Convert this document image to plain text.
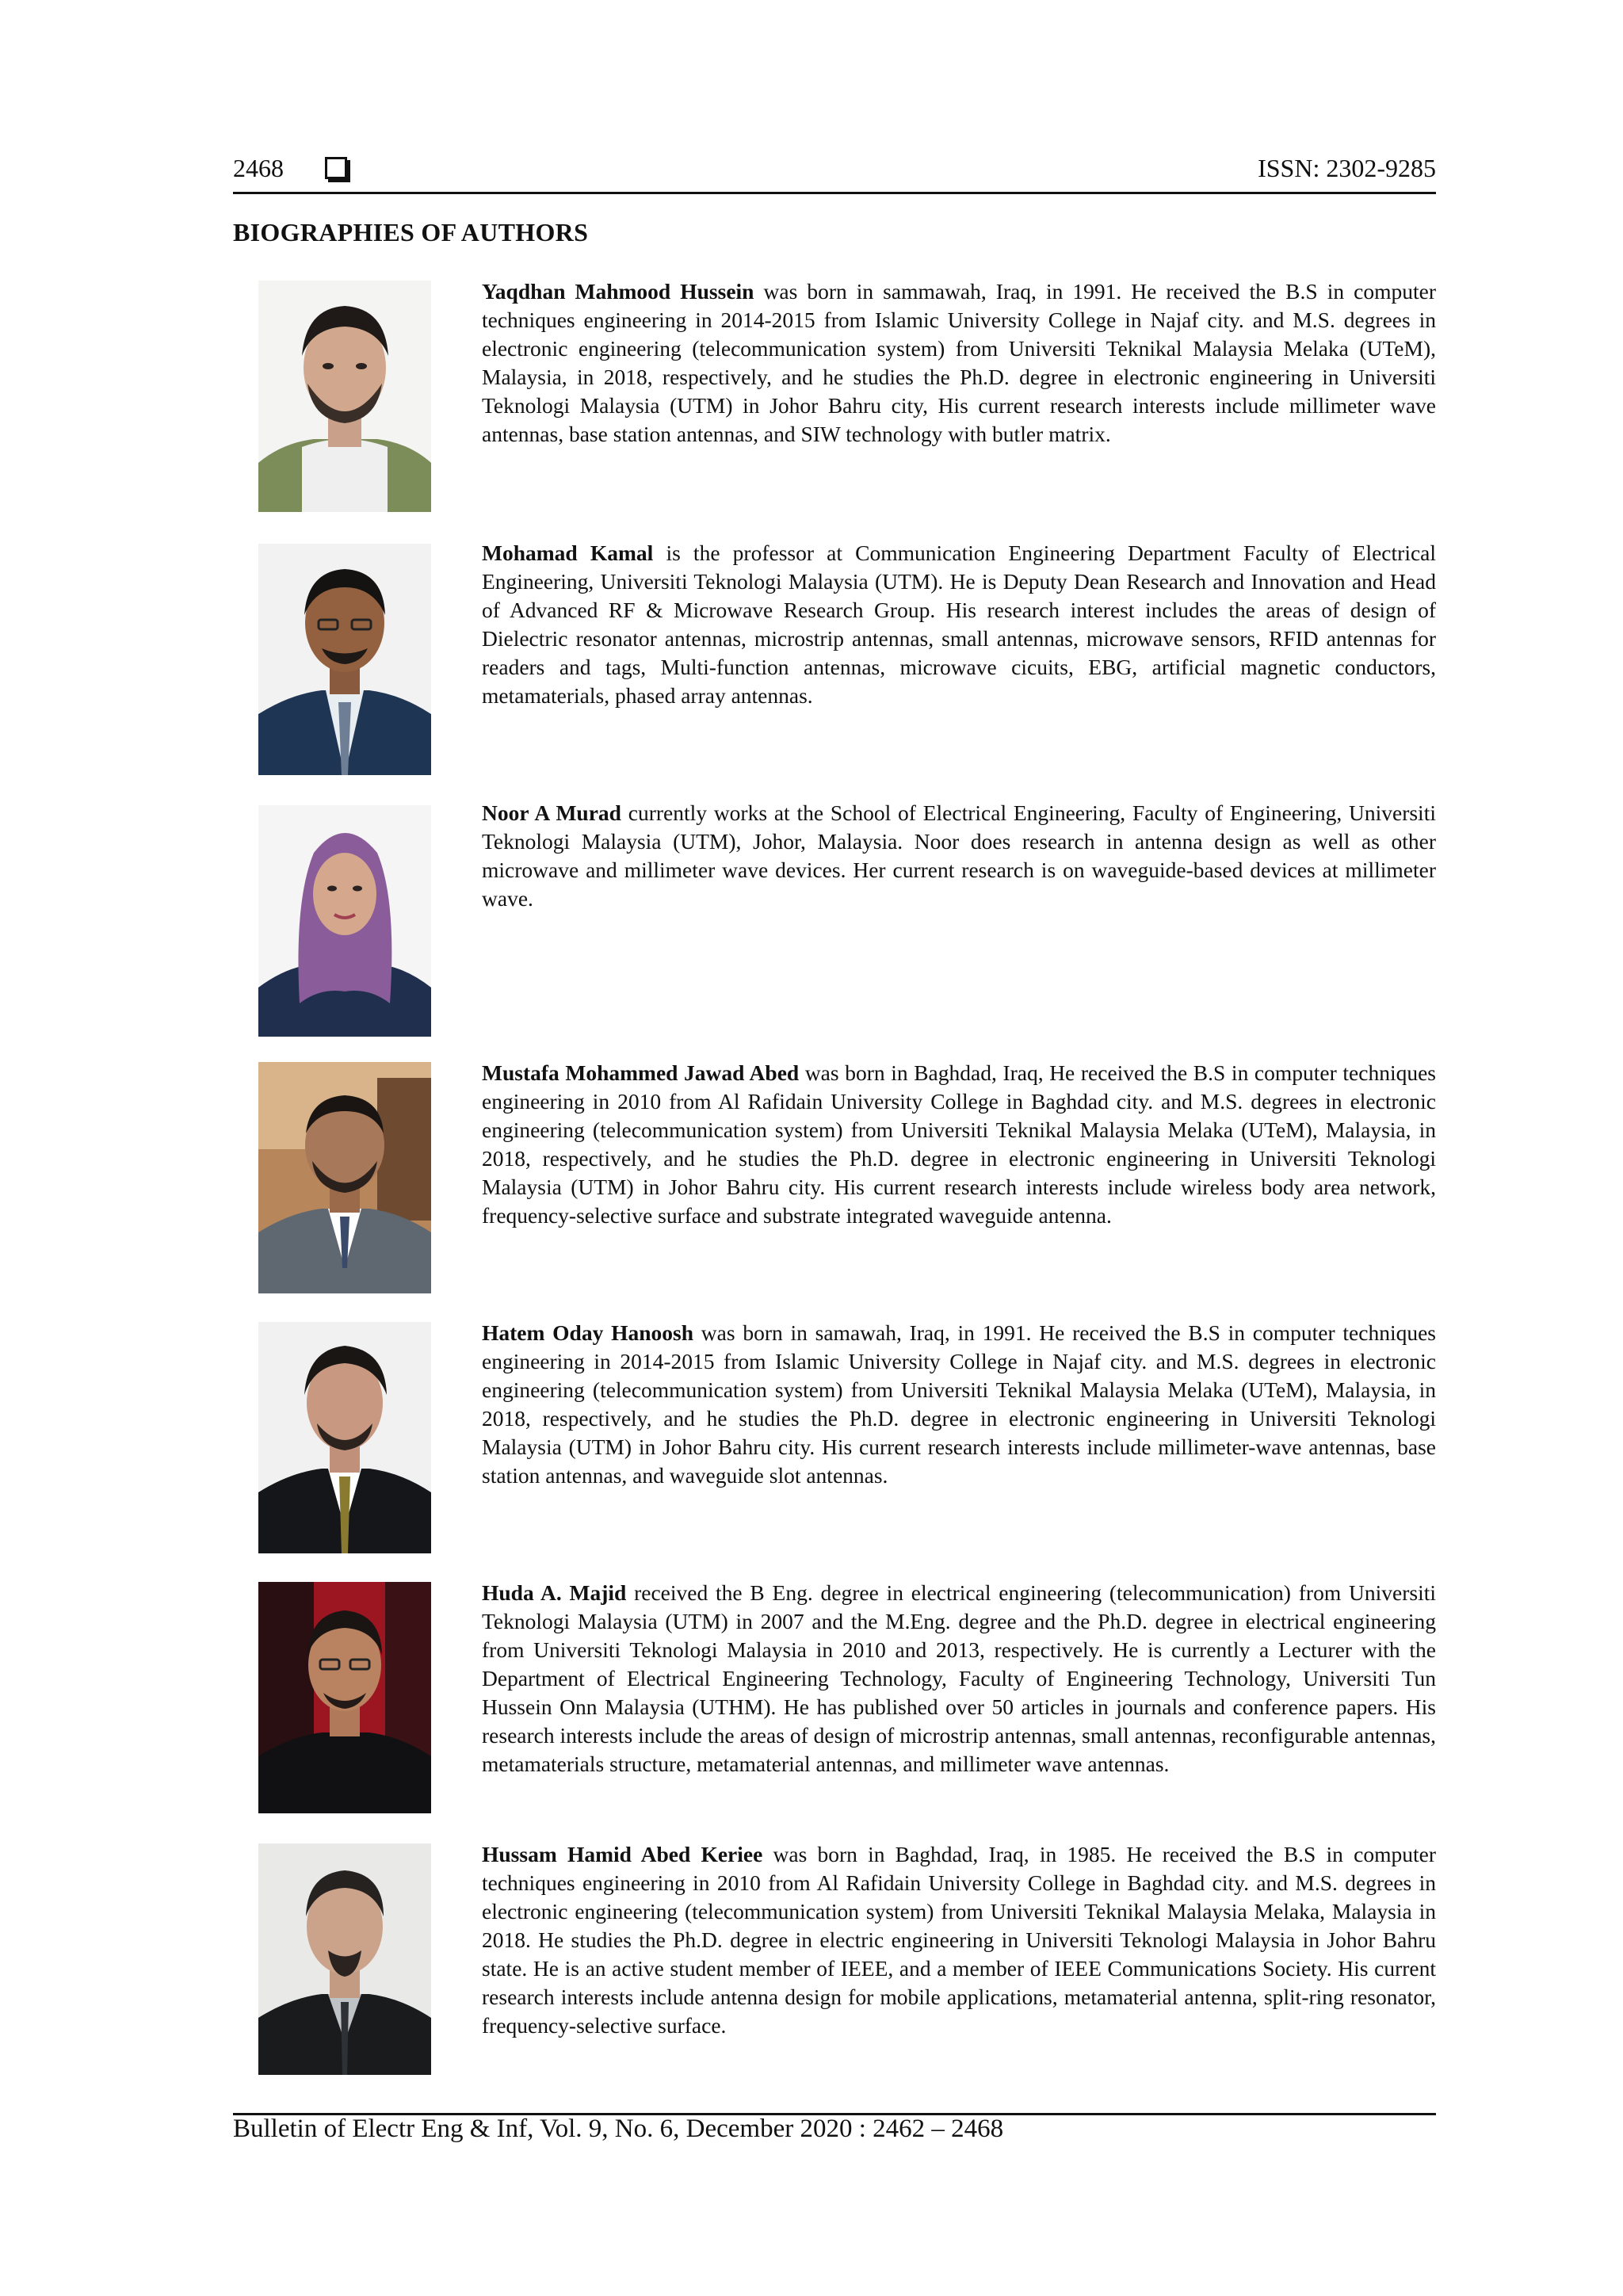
2468	ISSN: 2302-9285
BIOGRAPHIES OF AUTHORS
Yaqdhan Mahmood Hussein was born in sammawah, Iraq, in 1991. He received the B.S in computer techniques engineering in 2014-2015 from Islamic University College in Najaf city. and M.S. degrees in electronic engineering (telecommunication system) from Universiti Teknikal Malaysia Melaka (UTeM), Malaysia, in 2018, respectively, and he studies the Ph.D. degree in electronic engineering in Universiti Teknologi Malaysia (UTM) in Johor Bahru city, His current research interests include millimeter wave antennas, base station antennas, and SIW technology with butler matrix.
Mohamad Kamal is the professor at Communication Engineering Department Faculty of Electrical Engineering, Universiti Teknologi Malaysia (UTM). He is Deputy Dean Research and Innovation and Head of Advanced RF & Microwave Research Group. His research interest includes the areas of design of Dielectric resonator antennas, microstrip antennas, small antennas, microwave sensors, RFID antennas for readers and tags, Multi-function antennas, microwave cicuits, EBG, artificial magnetic conductors, metamaterials, phased array antennas.
Noor A Murad currently works at the School of Electrical Engineering, Faculty of Engineering, Universiti Teknologi Malaysia (UTM), Johor, Malaysia. Noor does research in antenna design as well as other microwave and millimeter wave devices. Her current research is on waveguide-based devices at millimeter wave.
Mustafa Mohammed Jawad Abed was born in Baghdad, Iraq, He received the B.S in computer techniques engineering in 2010 from Al Rafidain University College in Baghdad city. and M.S. degrees in electronic engineering (telecommunication system) from Universiti Teknikal Malaysia Melaka (UTeM), Malaysia, in 2018, respectively, and he studies the Ph.D. degree in electronic engineering in Universiti Teknologi Malaysia (UTM) in Johor Bahru city. His current research interests include wireless body area network, frequency-selective surface and substrate integrated waveguide antenna.
Hatem Oday Hanoosh was born in samawah, Iraq, in 1991. He received the B.S in computer techniques engineering in 2014-2015 from Islamic University College in Najaf city. and M.S. degrees in electronic engineering (telecommunication system) from Universiti Teknikal Malaysia Melaka (UTeM), Malaysia, in 2018, respectively, and he studies the Ph.D. degree in electronic engineering in Universiti Teknologi Malaysia (UTM) in Johor Bahru city. His current research interests include millimeter-wave antennas, base station antennas, and waveguide slot antennas.
Huda A. Majid received the B Eng. degree in electrical engineering (telecommunication) from Universiti Teknologi Malaysia (UTM) in 2007 and the M.Eng. degree and the Ph.D. degree in electrical engineering from Universiti Teknologi Malaysia in 2010 and 2013, respectively. He is currently a Lecturer with the Department of Electrical Engineering Technology, Faculty of Engineering Technology, Universiti Tun Hussein Onn Malaysia (UTHM). He has published over 50 articles in journals and conference papers. His research interests include the areas of design of microstrip antennas, small antennas, reconfigurable antennas, metamaterials structure, metamaterial antennas, and millimeter wave antennas.
Hussam Hamid Abed Keriee was born in Baghdad, Iraq, in 1985. He received the B.S in computer techniques engineering in 2010 from Al Rafidain University College in Baghdad city. and M.S. degrees in electronic engineering (telecommunication system) from Universiti Teknikal Malaysia Melaka, Malaysia in 2018. He studies the Ph.D. degree in electric engineering in Universiti Teknologi Malaysia in Johor Bahru state. He is an active student member of IEEE, and a member of IEEE Communications Society. His current research interests include antenna design for mobile applications, metamaterial antenna, split-ring resonator, frequency-selective surface.
Bulletin of Electr Eng & Inf, Vol. 9, No. 6, December 2020 : 2462 – 2468
